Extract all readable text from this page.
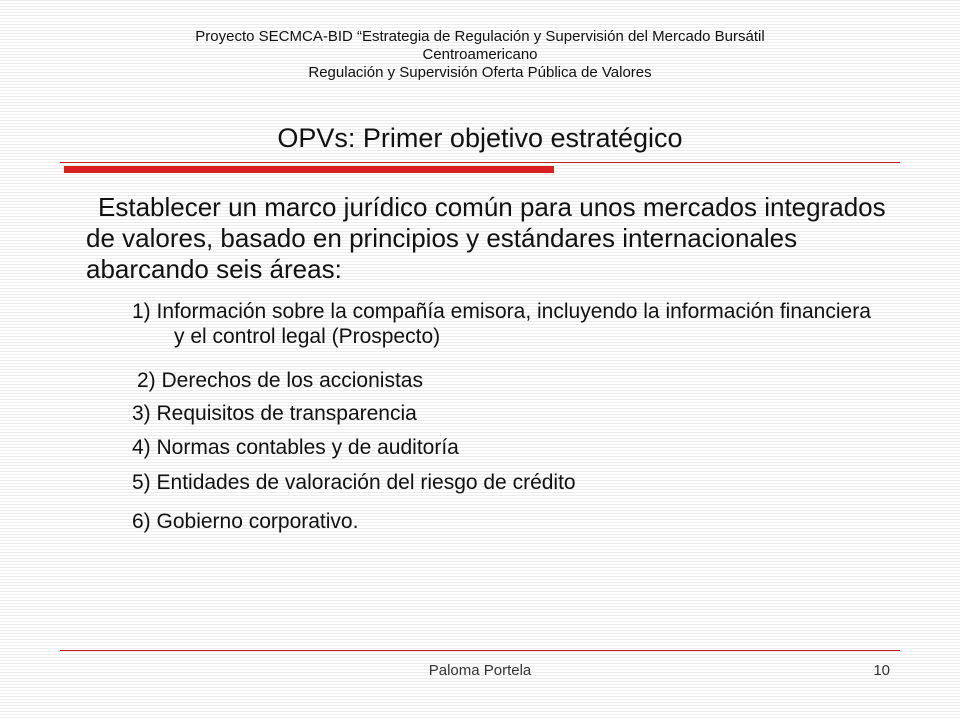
Proyecto SECMCA-BID “Estrategia de Regulación y Supervisión del Mercado Bursátil
Centroamericano
Regulación y Supervisión Oferta Pública de Valores
OPVs: Primer objetivo estratégico

Establecer un marco jurídico común para unos mercados integrados de valores, basado en principios y estándares internacionales abarcando seis áreas:

1) Información sobre la compañía emisora, incluyendo la información financiera y el control legal (Prospecto)
2) Derechos de los accionistas
3) Requisitos de transparencia
4) Normas contables y de auditoría
5) Entidades de valoración del riesgo de crédito
6) Gobierno corporativo.
Paloma Portela	10
